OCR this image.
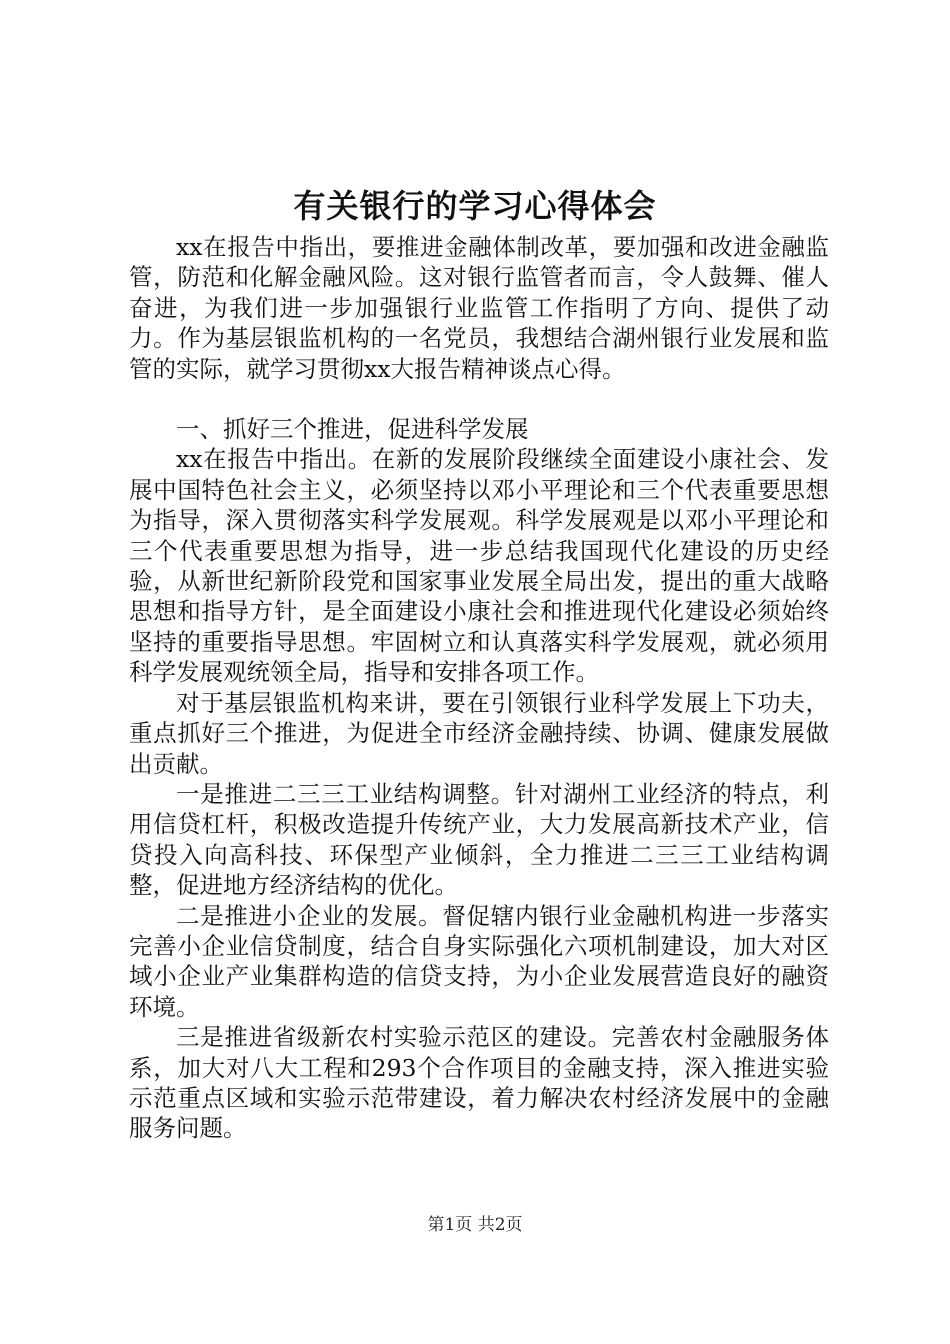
有关银行的学习心得体会

xx在报告中指出，要推进金融体制改革，要加强和改进金融监管，防范和化解金融风险。这对银行监管者而言，令人鼓舞、催人奋进，为我们进一步加强银行业监管工作指明了方向、提供了动力。作为基层银监机构的一名党员，我想结合湖州银行业发展和监管的实际，就学习贯彻xx大报告精神谈点心得。

一、抓好三个推进，促进科学发展

xx在报告中指出。在新的发展阶段继续全面建设小康社会、发展中国特色社会主义，必须坚持以邓小平理论和三个代表重要思想为指导，深入贯彻落实科学发展观。科学发展观是以邓小平理论和三个代表重要思想为指导，进一步总结我国现代化建设的历史经验，从新世纪新阶段党和国家事业发展全局出发，提出的重大战略思想和指导方针，是全面建设小康社会和推进现代化建设必须始终坚持的重要指导思想。牢固树立和认真落实科学发展观，就必须用科学发展观统领全局，指导和安排各项工作。

对于基层银监机构来讲，要在引领银行业科学发展上下功夫，重点抓好三个推进，为促进全市经济金融持续、协调、健康发展做出贡献。

一是推进二三三工业结构调整。针对湖州工业经济的特点，利用信贷杠杆，积极改造提升传统产业，大力发展高新技术产业，信贷投入向高科技、环保型产业倾斜，全力推进二三三工业结构调整，促进地方经济结构的优化。

二是推进小企业的发展。督促辖内银行业金融机构进一步落实完善小企业信贷制度，结合自身实际强化六项机制建设，加大对区域小企业产业集群构造的信贷支持，为小企业发展营造良好的融资环境。

三是推进省级新农村实验示范区的建设。完善农村金融服务体系，加大对八大工程和293个合作项目的金融支持，深入推进实验示范重点区域和实验示范带建设，着力解决农村经济发展中的金融服务问题。

第1页 共2页
